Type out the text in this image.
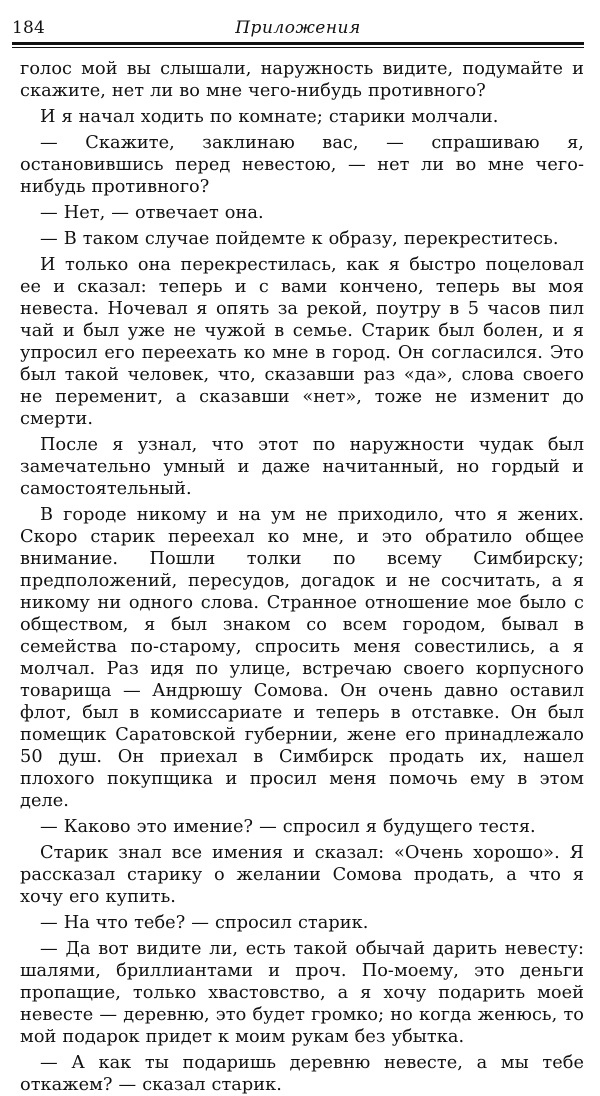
184	Приложения

голос мой вы слышали, наружность видите, подумайте и скажите, нет ли во мне чего-нибудь противного?

И я начал ходить по комнате; старики молчали.

— Скажите, заклинаю вас, — спрашиваю я, остановившись перед невестою, — нет ли во мне чего-нибудь противного?

— Нет, — отвечает она.

— В таком случае пойдемте к образу, перекреститесь.

И только она перекрестилась, как я быстро поцеловал ее и сказал: теперь и с вами кончено, теперь вы моя невеста. Ночевал я опять за рекой, поутру в 5 часов пил чай и был уже не чужой в семье. Старик был болен, и я упросил его переехать ко мне в город. Он согласился. Это был такой человек, что, сказавши раз «да», слова своего не переменит, а сказавши «нет», тоже не изменит до смерти.

После я узнал, что этот по наружности чудак был замечательно умный и даже начитанный, но гордый и самостоятельный.

В городе никому и на ум не приходило, что я жених. Скоро старик переехал ко мне, и это обратило общее внимание. Пошли толки по всему Симбирску; предположений, пересудов, догадок и не сосчитать, а я никому ни одного слова. Странное отношение мое было с обществом, я был знаком со всем городом, бывал в семейства по-старому, спросить меня совестились, а я молчал. Раз идя по улице, встречаю своего корпусного товарища — Андрюшу Сомова. Он очень давно оставил флот, был в комиссариате и теперь в отставке. Он был помещик Саратовской губернии, жене его принадлежало 50 душ. Он приехал в Симбирск продать их, нашел плохого покупщика и просил меня помочь ему в этом деле.

— Каково это имение? — спросил я будущего тестя.

Старик знал все имения и сказал: «Очень хорошо». Я рассказал старику о желании Сомова продать, а что я хочу его купить.

— На что тебе? — спросил старик.

— Да вот видите ли, есть такой обычай дарить невесту: шалями, бриллиантами и проч. По-моему, это деньги пропащие, только хвастовство, а я хочу подарить моей невесте — деревню, это будет громко; но когда женюсь, то мой подарок придет к моим рукам без убытка.

— А как ты подаришь деревню невесте, а мы тебе откажем? — сказал старик.
